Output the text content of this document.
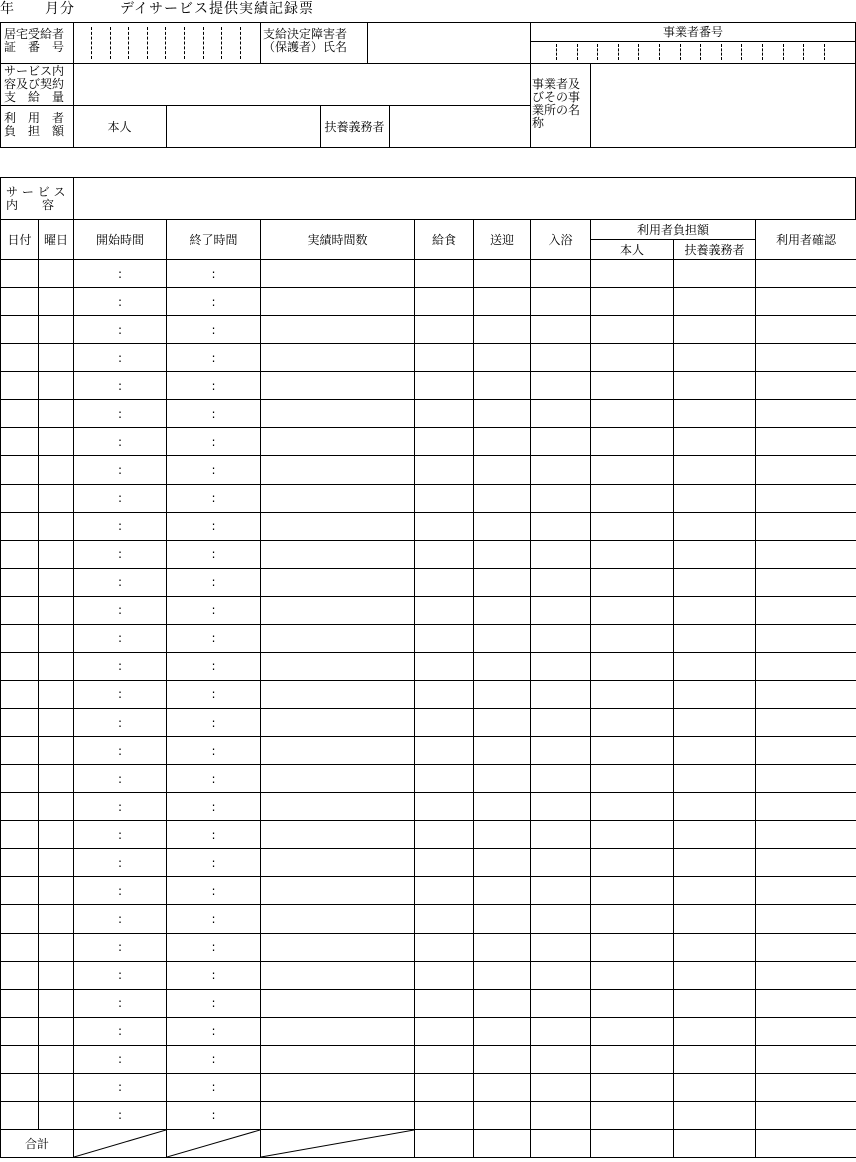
年　　月分　　　デイサービス提供実績記録票
居宅受給者
証　番　号
支給決定障害者
（保護者）氏名
事業者番号
サービス内
容及び契約
支　給　量
利　用　者
負　担　額	本人	扶養義務者
事業者及
びその事
業所の名
称
サ ー ビ ス
内　　容
日付	曜日	開始時間	終了時間	実績時間数	給食	送迎	入浴	利用者負担額		利用者確認
								本人	扶養義務者	
		:	:							
		:	:							
		:	:							
		:	:							
		:	:							
		:	:							
		:	:							
		:	:							
		:	:							
		:	:							
		:	:							
		:	:							
		:	:							
		:	:							
		:	:							
		:	:							
		:	:							
		:	:							
		:	:							
		:	:							
		:	:							
		:	:							
		:	:							
		:	:							
		:	:							
		:	:							
		:	:							
		:	:							
		:	:							
		:	:							
		:	:							
合計	
